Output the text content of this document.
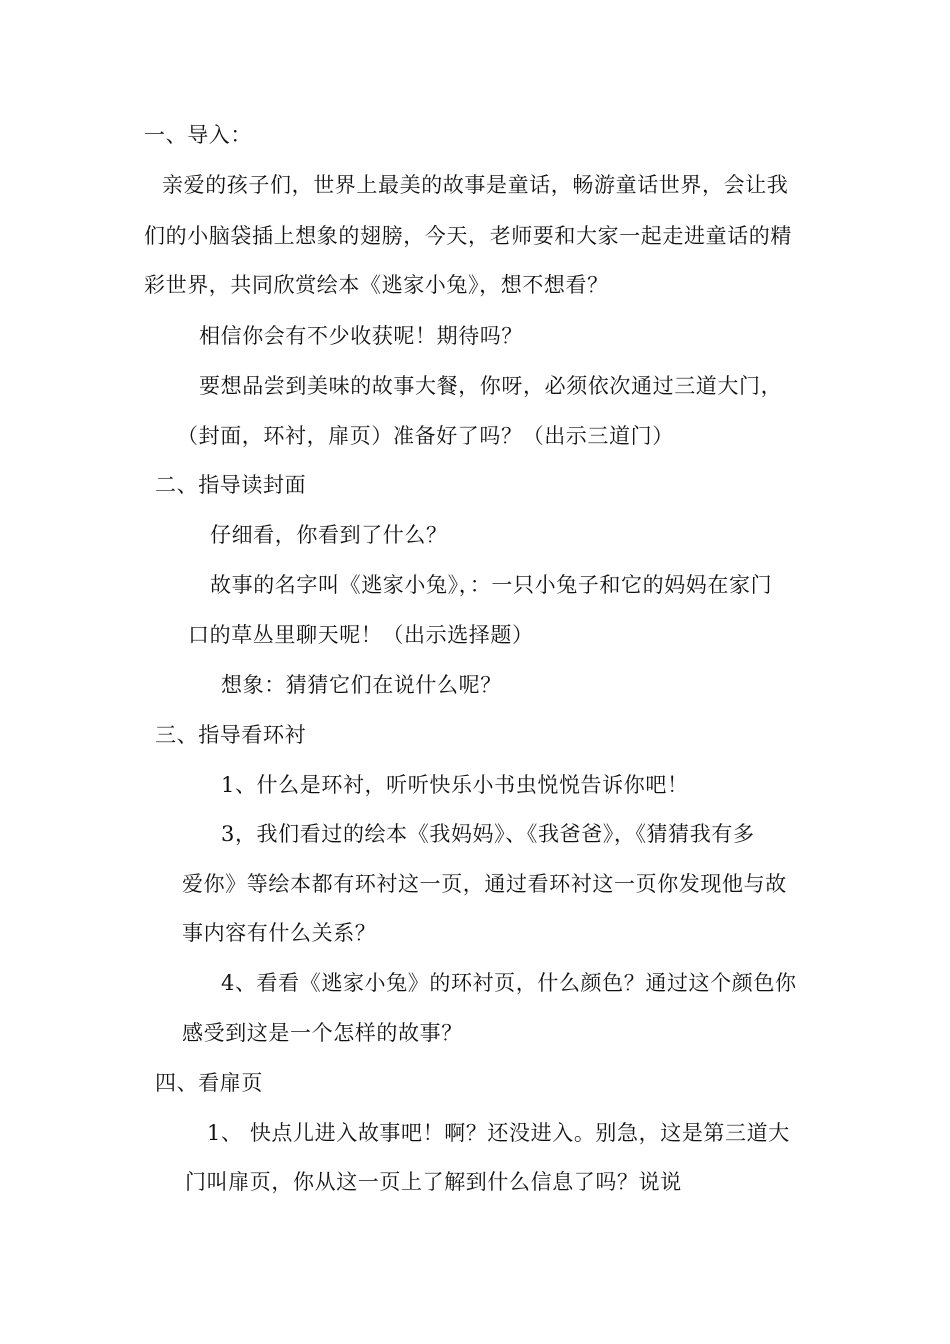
一、导入：
亲爱的孩子们，世界上最美的故事是童话，畅游童话世界，会让我
们的小脑袋插上想象的翅膀，今天，老师要和大家一起走进童话的精
彩世界，共同欣赏绘本《逃家小兔》，想不想看？
相信你会有不少收获呢！期待吗？
要想品尝到美味的故事大餐，你呀，必须依次通过三道大门，
（封面，环衬，扉页）准备好了吗？（出示三道门）
二、指导读封面
仔细看，你看到了什么？
故事的名字叫《逃家小兔》，：一只小兔子和它的妈妈在家门
口的草丛里聊天呢！（出示选择题）
想象：猜猜它们在说什么呢？
三、指导看环衬
1、什么是环衬，听听快乐小书虫悦悦告诉你吧！
3，我们看过的绘本《我妈妈》、《我爸爸》，《猜猜我有多
爱你》等绘本都有环衬这一页，通过看环衬这一页你发现他与故
事内容有什么关系？
4、看看《逃家小兔》的环衬页，什么颜色？通过这个颜色你
感受到这是一个怎样的故事？
四、看扉页
1、 快点儿进入故事吧！啊？还没进入。别急，这是第三道大
门叫扉页，你从这一页上了解到什么信息了吗？说说
